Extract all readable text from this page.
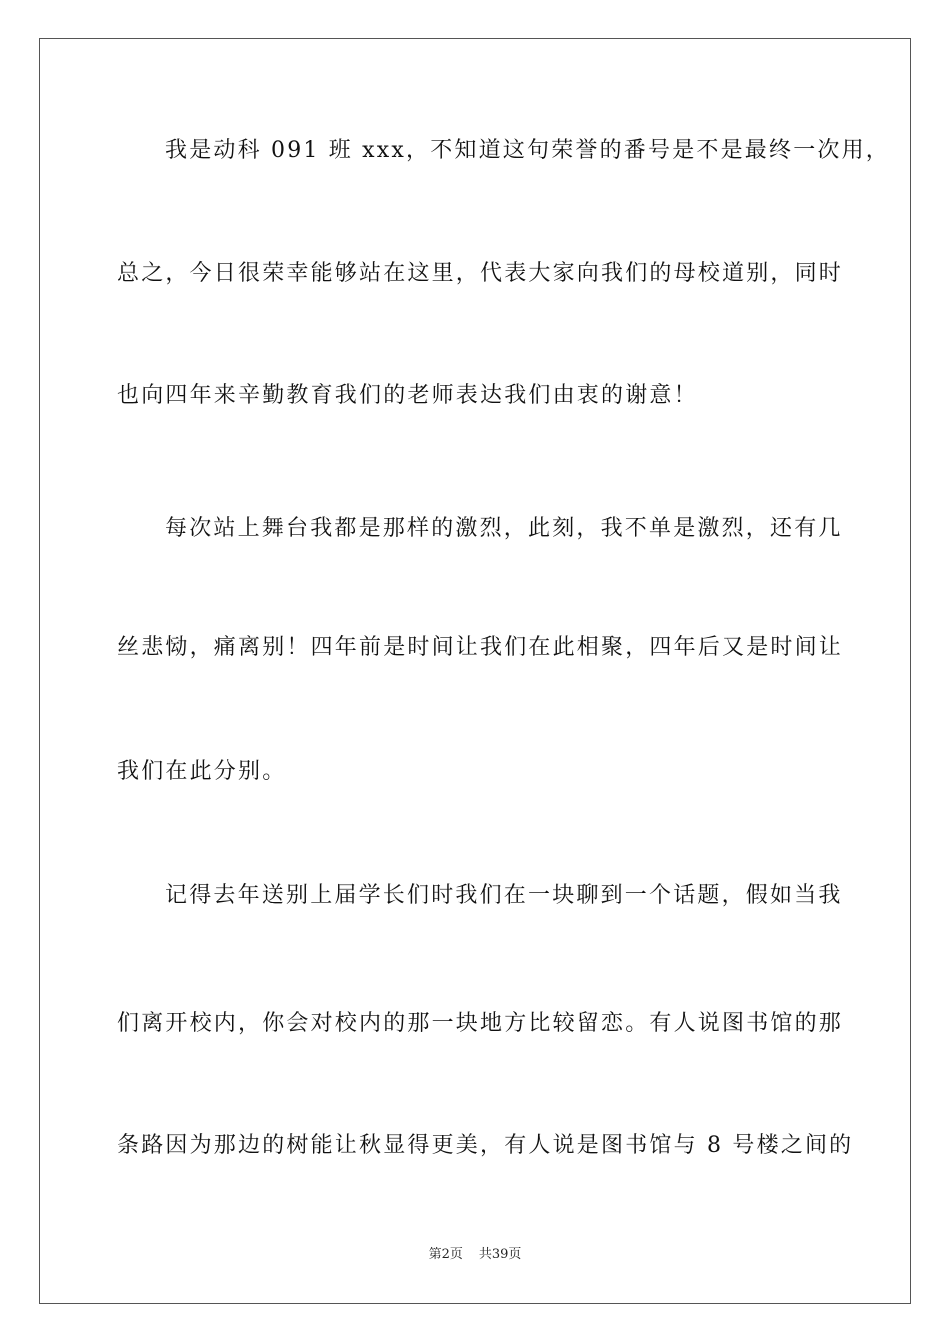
我是动科 091 班 xxx，不知道这句荣誉的番号是不是最终一次用，
总之，今日很荣幸能够站在这里，代表大家向我们的母校道别，同时
也向四年来辛勤教育我们的老师表达我们由衷的谢意！
每次站上舞台我都是那样的激烈，此刻，我不单是激烈，还有几
丝悲恸，痛离别！四年前是时间让我们在此相聚，四年后又是时间让
我们在此分别。
记得去年送别上届学长们时我们在一块聊到一个话题，假如当我
们离开校内，你会对校内的那一块地方比较留恋。有人说图书馆的那
条路因为那边的树能让秋显得更美，有人说是图书馆与 8 号楼之间的
第2页 共39页
